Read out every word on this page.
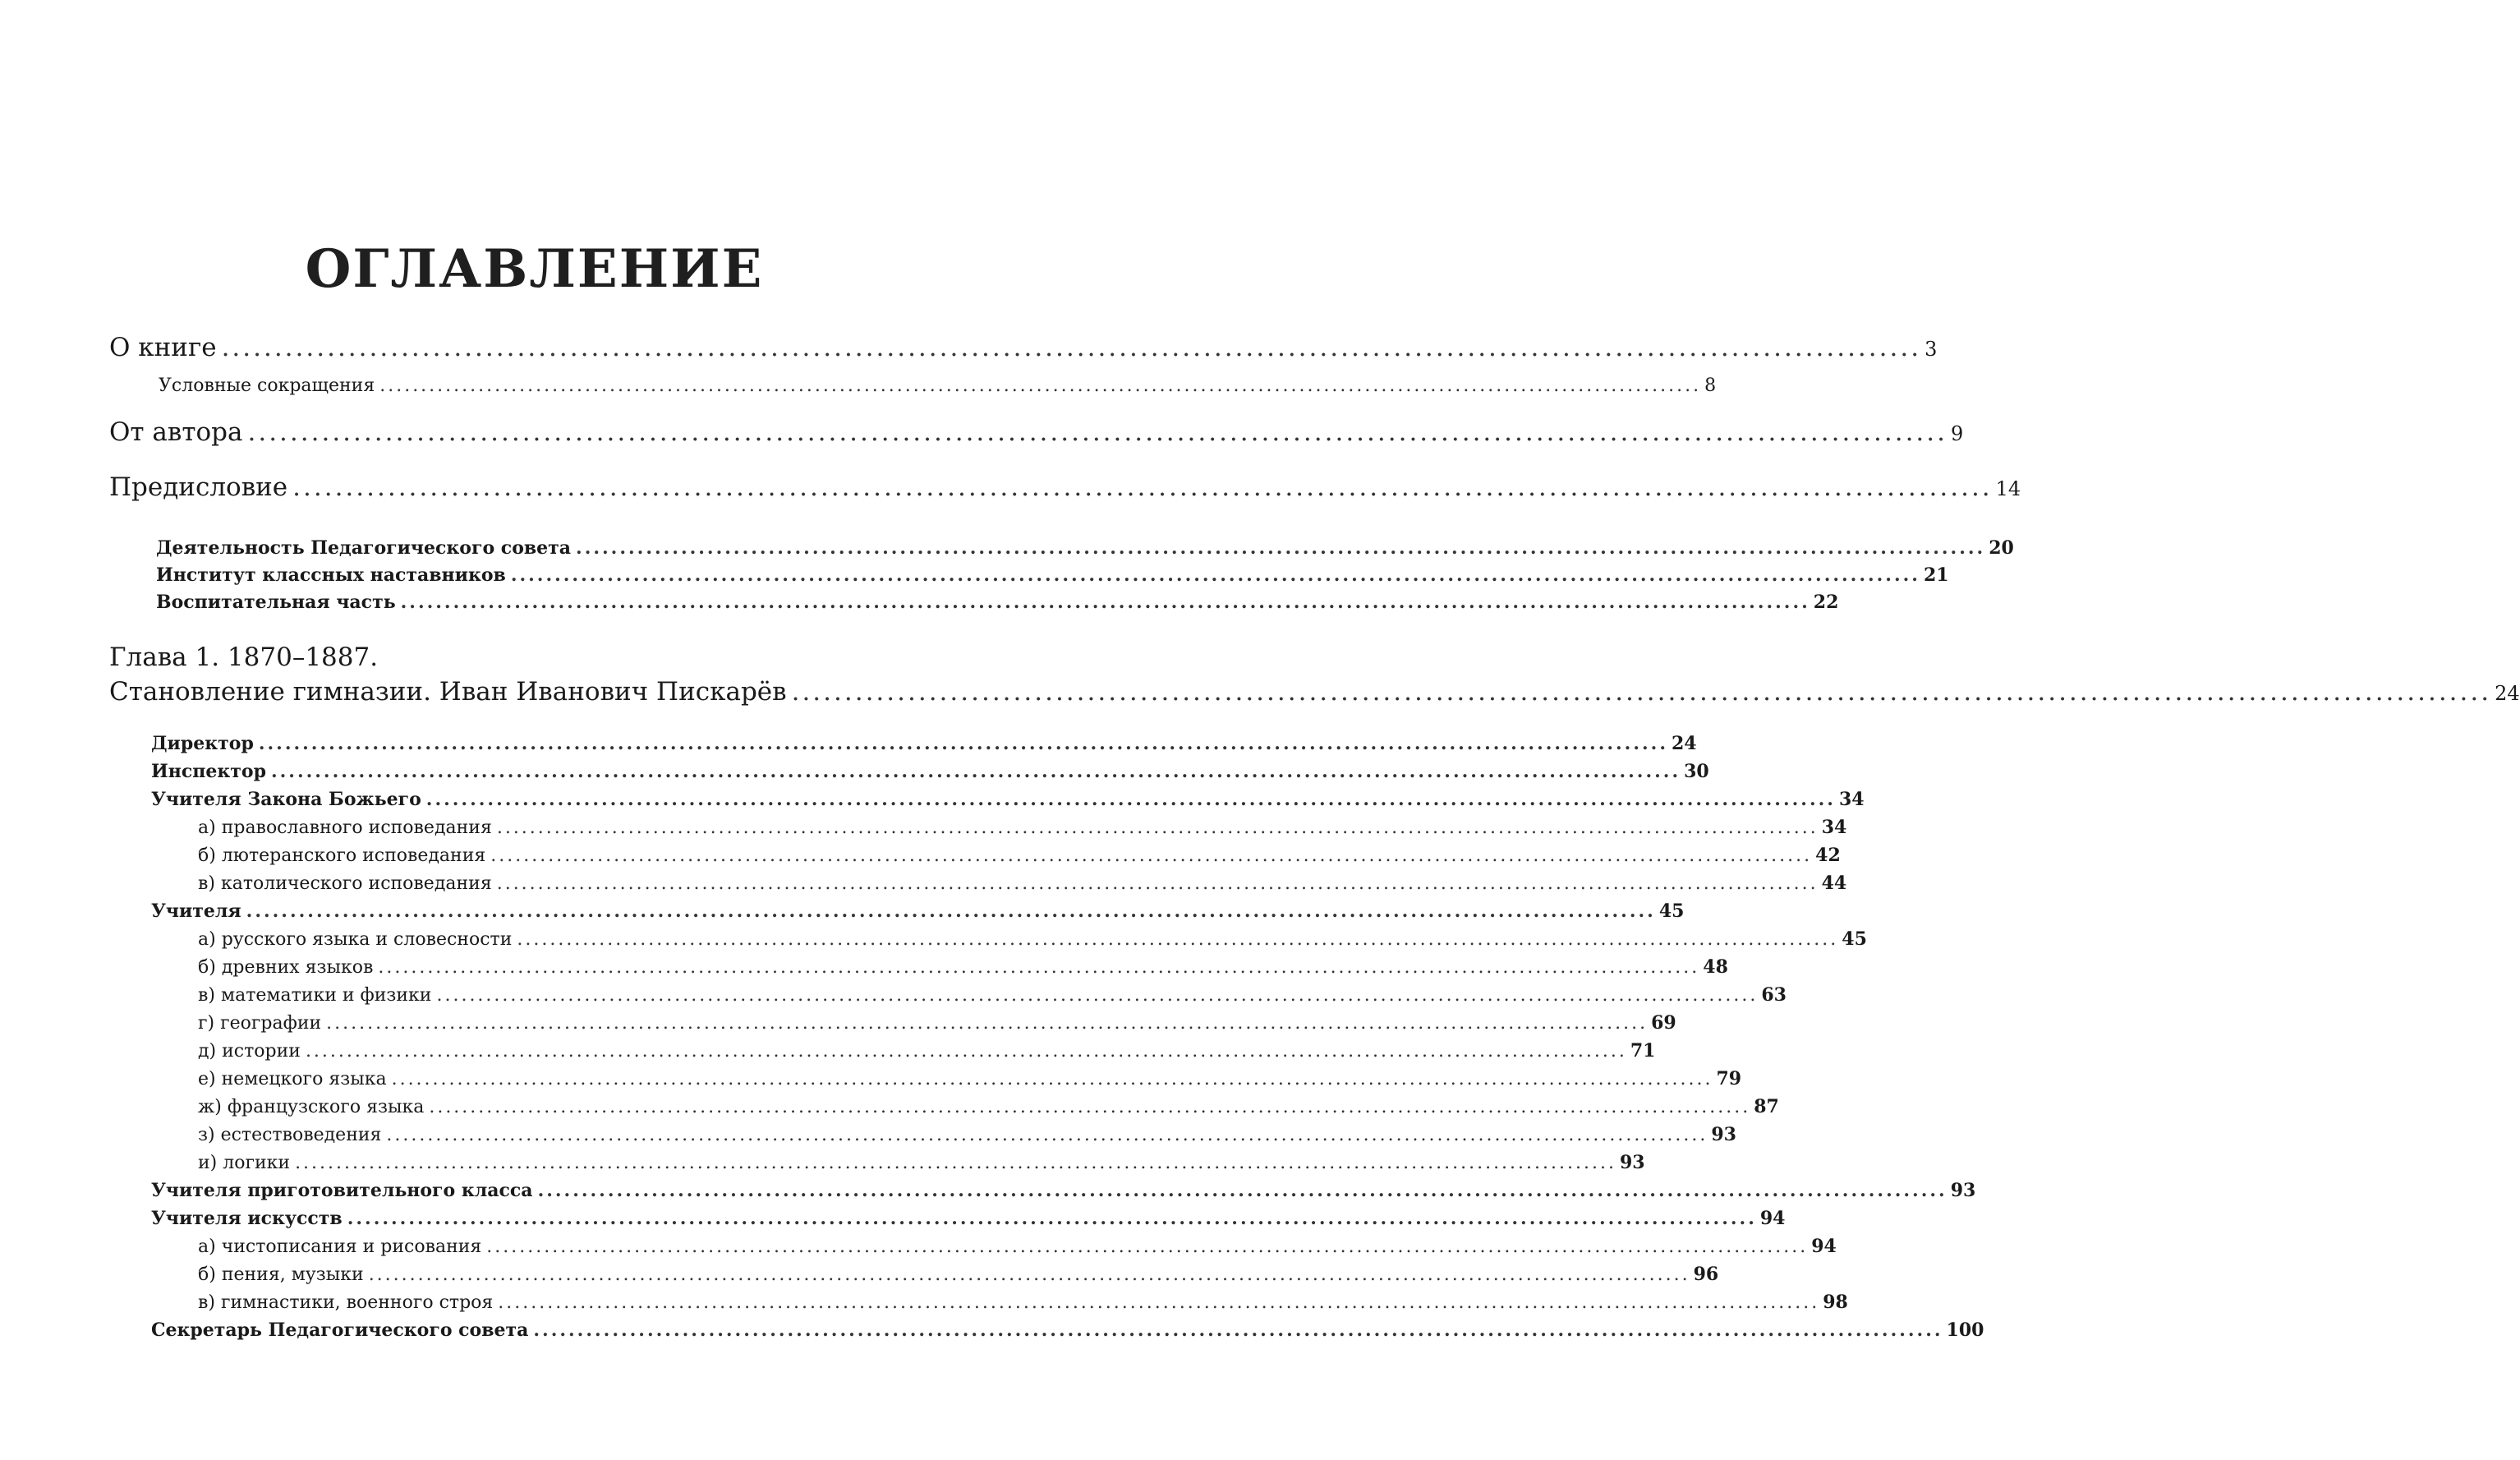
ОГЛАВЛЕНИЕ
О книге ................................................................................................................................................................. 3
Условные сокращения ................................................................................................................................................................. 8
От автора ................................................................................................................................................................. 9
Предисловие ................................................................................................................................................................. 14
Деятельность Педагогического совета ................................................................................................................................................................. 20
Институт классных наставников ................................................................................................................................................................. 21
Воспитательная часть ................................................................................................................................................................. 22
Глава 1. 1870–1887.
Становление гимназии. Иван Иванович Пискарёв ................................................................................................................................................................. 24
Директор ................................................................................................................................................................. 24
Инспектор ................................................................................................................................................................. 30
Учителя Закона Божьего ................................................................................................................................................................. 34
а) православного исповедания ................................................................................................................................................................. 34
б) лютеранского исповедания ................................................................................................................................................................. 42
в) католического исповедания ................................................................................................................................................................. 44
Учителя ................................................................................................................................................................. 45
а) русского языка и словесности ................................................................................................................................................................. 45
б) древних языков ................................................................................................................................................................. 48
в) математики и физики ................................................................................................................................................................. 63
г) географии ................................................................................................................................................................. 69
д) истории ................................................................................................................................................................. 71
е) немецкого языка ................................................................................................................................................................. 79
ж) французского языка ................................................................................................................................................................. 87
з) естествоведения ................................................................................................................................................................. 93
и) логики ................................................................................................................................................................. 93
Учителя приготовительного класса ................................................................................................................................................................. 93
Учителя искусств ................................................................................................................................................................. 94
а) чистописания и рисования ................................................................................................................................................................. 94
б) пения, музыки ................................................................................................................................................................. 96
в) гимнастики, военного строя ................................................................................................................................................................. 98
Секретарь Педагогического совета ................................................................................................................................................................. 100
